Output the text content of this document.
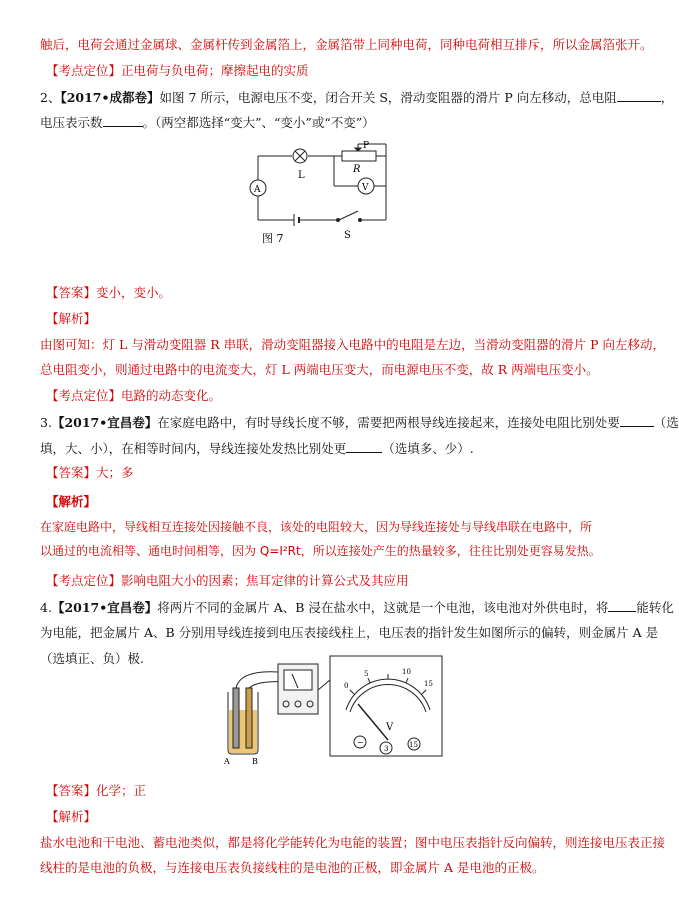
触后，电荷会通过金属球、金属杆传到金属箔上，金属箔带上同种电荷，同种电荷相互排斥，所以金属箔张开。
【考点定位】正电荷与负电荷；摩擦起电的实质
2、【2017•成都卷】如图 7 所示，电源电压不变，闭合开关 S，滑动变阻器的滑片 P 向左移动，总电阻	，
电压表示数	。（两空都选择“变大”、“变小”或“不变”）
L
P
R
A	V
S
图 7
【答案】变小，变小。
【解析】
由图可知：灯 L 与滑动变阻器 R 串联，滑动变阻器接入电路中的电阻是左边，当滑动变阻器的滑片 P 向左移动，
总电阻变小，则通过电路中的电流变大，灯 L 两端电压变大，而电源电压不变，故 R 两端电压变小。
【考点定位】电路的动态变化。
3.【2017•宜昌卷】在家庭电路中，有时导线长度不够，需要把两根导线连接起来，连接处电阻比别处要	（选
填，大、小），在相等时间内，导线连接处发热比别处更	（选填多、少）.
【答案】大；多
【解析】
在家庭电路中，导线相互连接处因接触不良，该处的电阻较大，因为导线连接处与导线串联在电路中，所
以通过的电流相等、通电时间相等，因为 Q=I²Rt，所以连接处产生的热量较多，往往比别处更容易发热。
【考点定位】影响电阻大小的因素；焦耳定律的计算公式及其应用
4.【2017•宜昌卷】将两片不同的金属片 A、B 浸在盐水中，这就是一个电池，该电池对外供电时，将 能转化
为电能，把金属片 A、B 分别用导线连接到电压表接线柱上，电压表的指针发生如图所示的偏转，则金属片 A 是
（选填正、负）极.
0
5	10
15
V
−
3	15
A	B
【答案】化学；正
【解析】
盐水电池和干电池、蓄电池类似，都是将化学能转化为电能的装置；图中电压表指针反向偏转，则连接电压表正接
线柱的是电池的负极，与连接电压表负接线柱的是电池的正极，即金属片 A 是电池的正极。
